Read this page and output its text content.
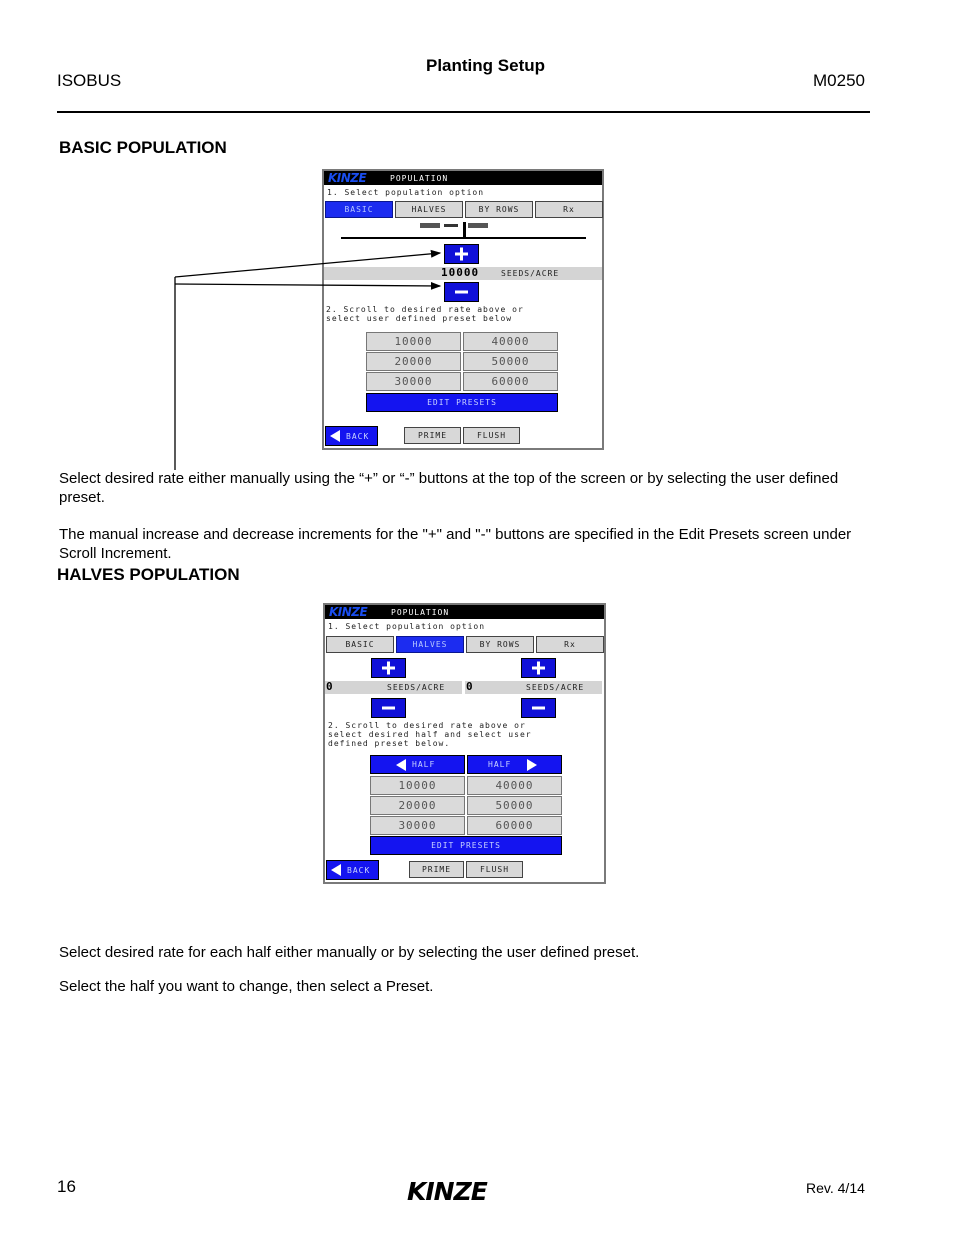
ISOBUS
Planting Setup
M0250
BASIC POPULATION
KINZE	POPULATION
1. Select population option
BASIC	HALVES	BY ROWS	Rx
10000	SEEDS/ACRE
2. Scroll to desired rate above or
select user defined preset below
10000	40000
20000	50000
30000	60000
EDIT PRESETS
BACK	PRIME	FLUSH
Select desired rate either manually using the “+” or “-” buttons at the top of the screen or by selecting the user defined preset.
The manual increase and decrease increments for the "+" and "-" buttons are specified in the Edit Presets screen under Scroll Increment.
HALVES POPULATION
KINZE	POPULATION
1. Select population option
BASIC	HALVES	BY ROWS	Rx
0	SEEDS/ACRE 0	SEEDS/ACRE
2. Scroll to desired rate above or
select desired half and select user
defined preset below.
HALF	HALF
10000	40000
20000	50000
30000	60000
EDIT PRESETS
BACK	PRIME	FLUSH
Select desired rate for each half either manually or by selecting the user defined preset.
Select the half you want to change, then select a Preset.
16	KINZE	Rev. 4/14
